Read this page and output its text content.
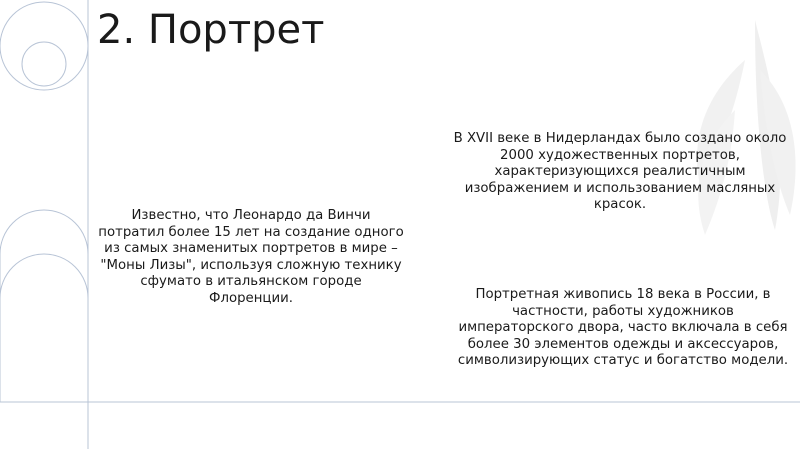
2. Портрет

Известно, что Леонардо да Винчи потратил более 15 лет на создание одного из самых знаменитых портретов в мире – "Моны Лизы", используя сложную технику сфумато в итальянском городе Флоренции.

В XVII веке в Нидерландах было создано около 2000 художественных портретов, характеризующихся реалистичным изображением и использованием масляных красок.

Портретная живопись 18 века в России, в частности, работы художников императорского двора, часто включала в себя более 30 элементов одежды и аксессуаров, символизирующих статус и богатство модели.
